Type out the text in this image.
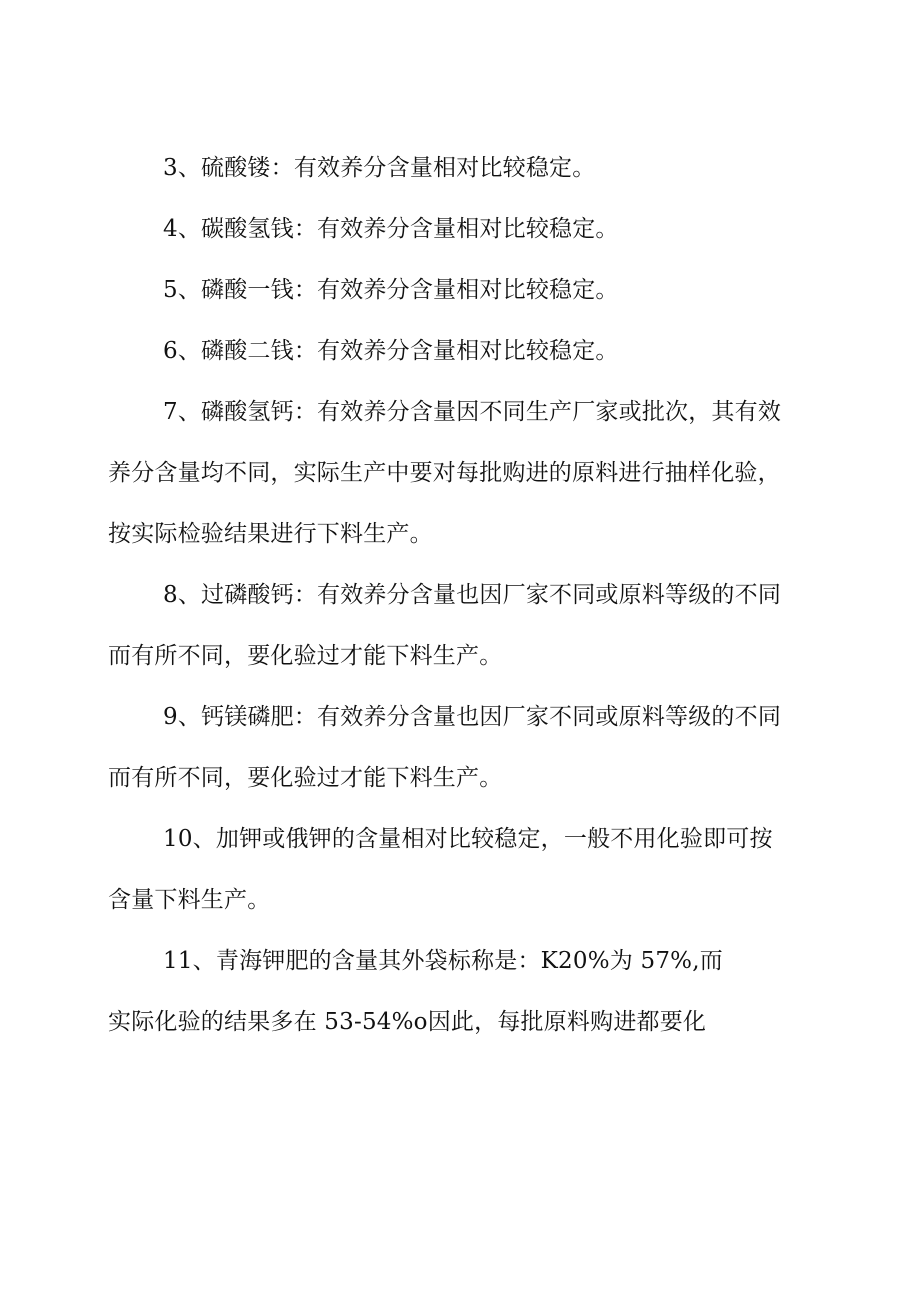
3、硫酸镂：有效养分含量相对比较稳定。
4、碳酸氢钱：有效养分含量相对比较稳定。
5、磷酸一钱：有效养分含量相对比较稳定。
6、磷酸二钱：有效养分含量相对比较稳定。
7、磷酸氢钙：有效养分含量因不同生产厂家或批次，其有效
养分含量均不同，实际生产中要对每批购进的原料进行抽样化验，
按实际检验结果进行下料生产。
8、过磷酸钙：有效养分含量也因厂家不同或原料等级的不同
而有所不同，要化验过才能下料生产。
9、钙镁磷肥：有效养分含量也因厂家不同或原料等级的不同
而有所不同，要化验过才能下料生产。
10、加钾或俄钾的含量相对比较稳定，一般不用化验即可按
含量下料生产。
11、青海钾肥的含量其外袋标称是：K20%为 57%,而
实际化验的结果多在 53-54%o因此，每批原料购进都要化
